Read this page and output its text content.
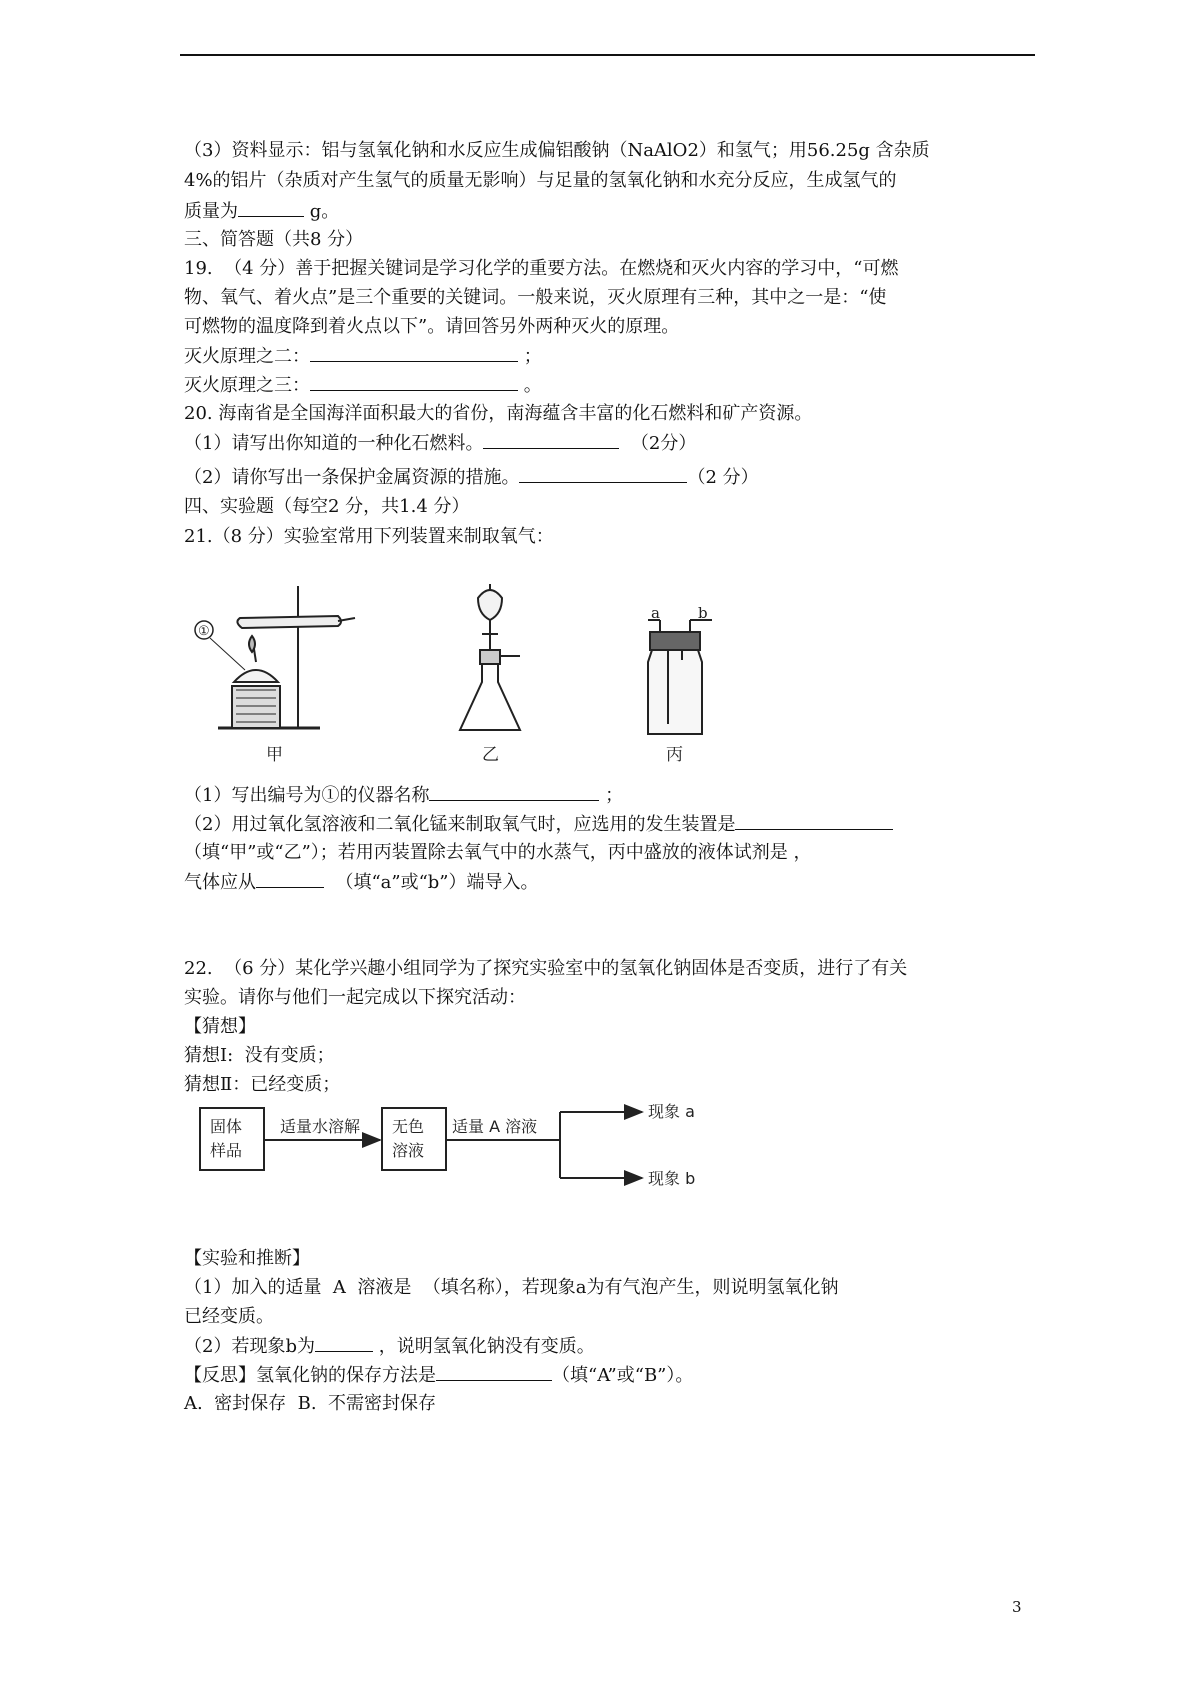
（3）资料显示：铝与氢氧化钠和水反应生成偏铝酸钠（NaAlO2）和氢气；用56.25g 含杂质
4%的铝片（杂质对产生氢气的质量无影响）与足量的氢氧化钠和水充分反应，生成氢气的
质量为	g。
三、简答题（共8 分）
19.  （4 分）善于把握关键词是学习化学的重要方法。在燃烧和灭火内容的学习中，“可燃
物、氧气、着火点”是三个重要的关键词。一般来说，灭火原理有三种，其中之一是：“使
可燃物的温度降到着火点以下”。请回答另外两种灭火的原理。
灭火原理之二：	；
灭火原理之三：	。
20. 海南省是全国海洋面积最大的省份，南海蕴含丰富的化石燃料和矿产资源。
（1）请写出你知道的一种化石燃料。	（2分）
（2）请你写出一条保护金属资源的措施。	（2 分）
四、实验题（每空2 分，共1.4 分）
21.（8 分）实验室常用下列装置来制取氧气：
①
a	b
甲	乙	丙
（1）写出编号为①的仪器名称	；
（2）用过氧化氢溶液和二氧化锰来制取氧气时，应选用的发生装置是
（填“甲”或“乙”）；若用丙装置除去氧气中的水蒸气，丙中盛放的液体试剂是 ，
气体应从	（填“a”或“b”）端导入。
22.  （6 分）某化学兴趣小组同学为了探究实验室中的氢氧化钠固体是否变质，进行了有关
实验。请你与他们一起完成以下探究活动：
【猜想】
猜想I:  没有变质；
猜想Ⅱ：已经变质；
固体
样品
适量水溶解 无色
溶液
适量 A 溶液
现象 a
现象 b
【实验和推断】
（1）加入的适量  A  溶液是  （填名称），若现象a为有气泡产生，则说明氢氧化钠
已经变质。
（2）若现象b为	，说明氢氧化钠没有变质。
【反思】氢氧化钠的保存方法是	（填“A”或“B”）。
A.  密封保存  B.  不需密封保存
3
